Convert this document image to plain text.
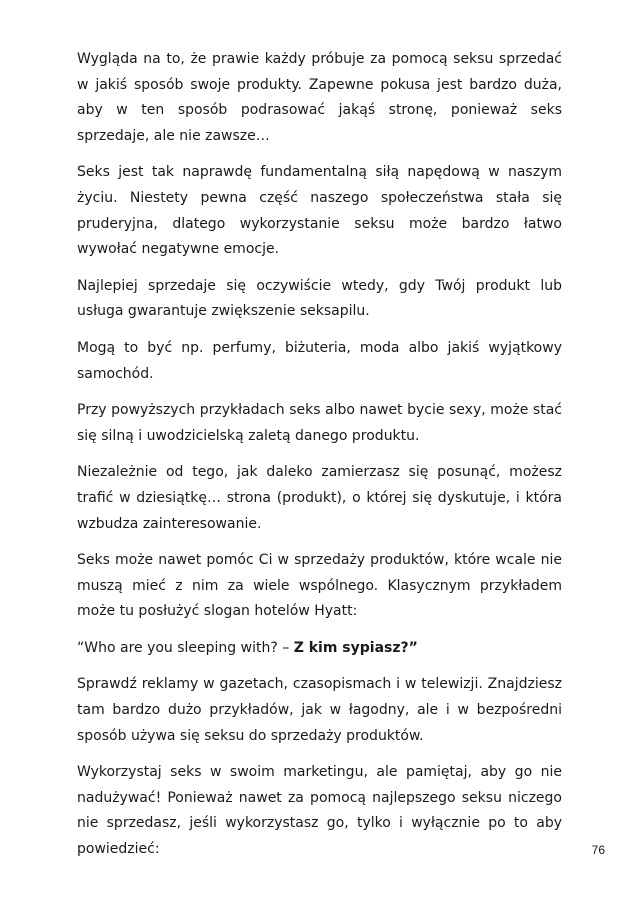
Wygląda na to, że prawie każdy próbuje za pomocą seksu sprzedać w jakiś sposób swoje produkty. Zapewne pokusa jest bardzo duża, aby w ten sposób podrasować jakąś stronę, ponieważ seks sprzedaje, ale nie zawsze…

Seks jest tak naprawdę fundamentalną siłą napędową w naszym życiu. Niestety pewna część naszego społeczeństwa stała się pruderyjna, dlatego wykorzystanie seksu może bardzo łatwo wywołać negatywne emocje.

Najlepiej sprzedaje się oczywiście wtedy, gdy Twój produkt lub usługa gwarantuje zwiększenie seksapilu.

Mogą to być np. perfumy, biżuteria, moda albo jakiś wyjątkowy samochód.

Przy powyższych przykładach seks albo nawet bycie sexy, może stać się silną i uwodzicielską zaletą danego produktu.

Niezależnie od tego, jak daleko zamierzasz się posunąć, możesz trafić w dziesiątkę… strona (produkt), o której się dyskutuje, i która wzbudza zainteresowanie.

Seks może nawet pomóc Ci w sprzedaży produktów, które wcale nie muszą mieć z nim za wiele wspólnego. Klasycznym przykładem może tu posłużyć slogan hotelów Hyatt:

“Who are you sleeping with? – Z kim sypiasz?”

Sprawdź reklamy w gazetach, czasopismach i w telewizji. Znajdziesz tam bardzo dużo przykładów, jak w łagodny, ale i w bezpośredni sposób używa się seksu do sprzedaży produktów.

Wykorzystaj seks w swoim marketingu, ale pamiętaj, aby go nie nadużywać! Ponieważ nawet za pomocą najlepszego seksu niczego nie sprzedasz, jeśli wykorzystasz go, tylko i wyłącznie po to aby powiedzieć:	76
